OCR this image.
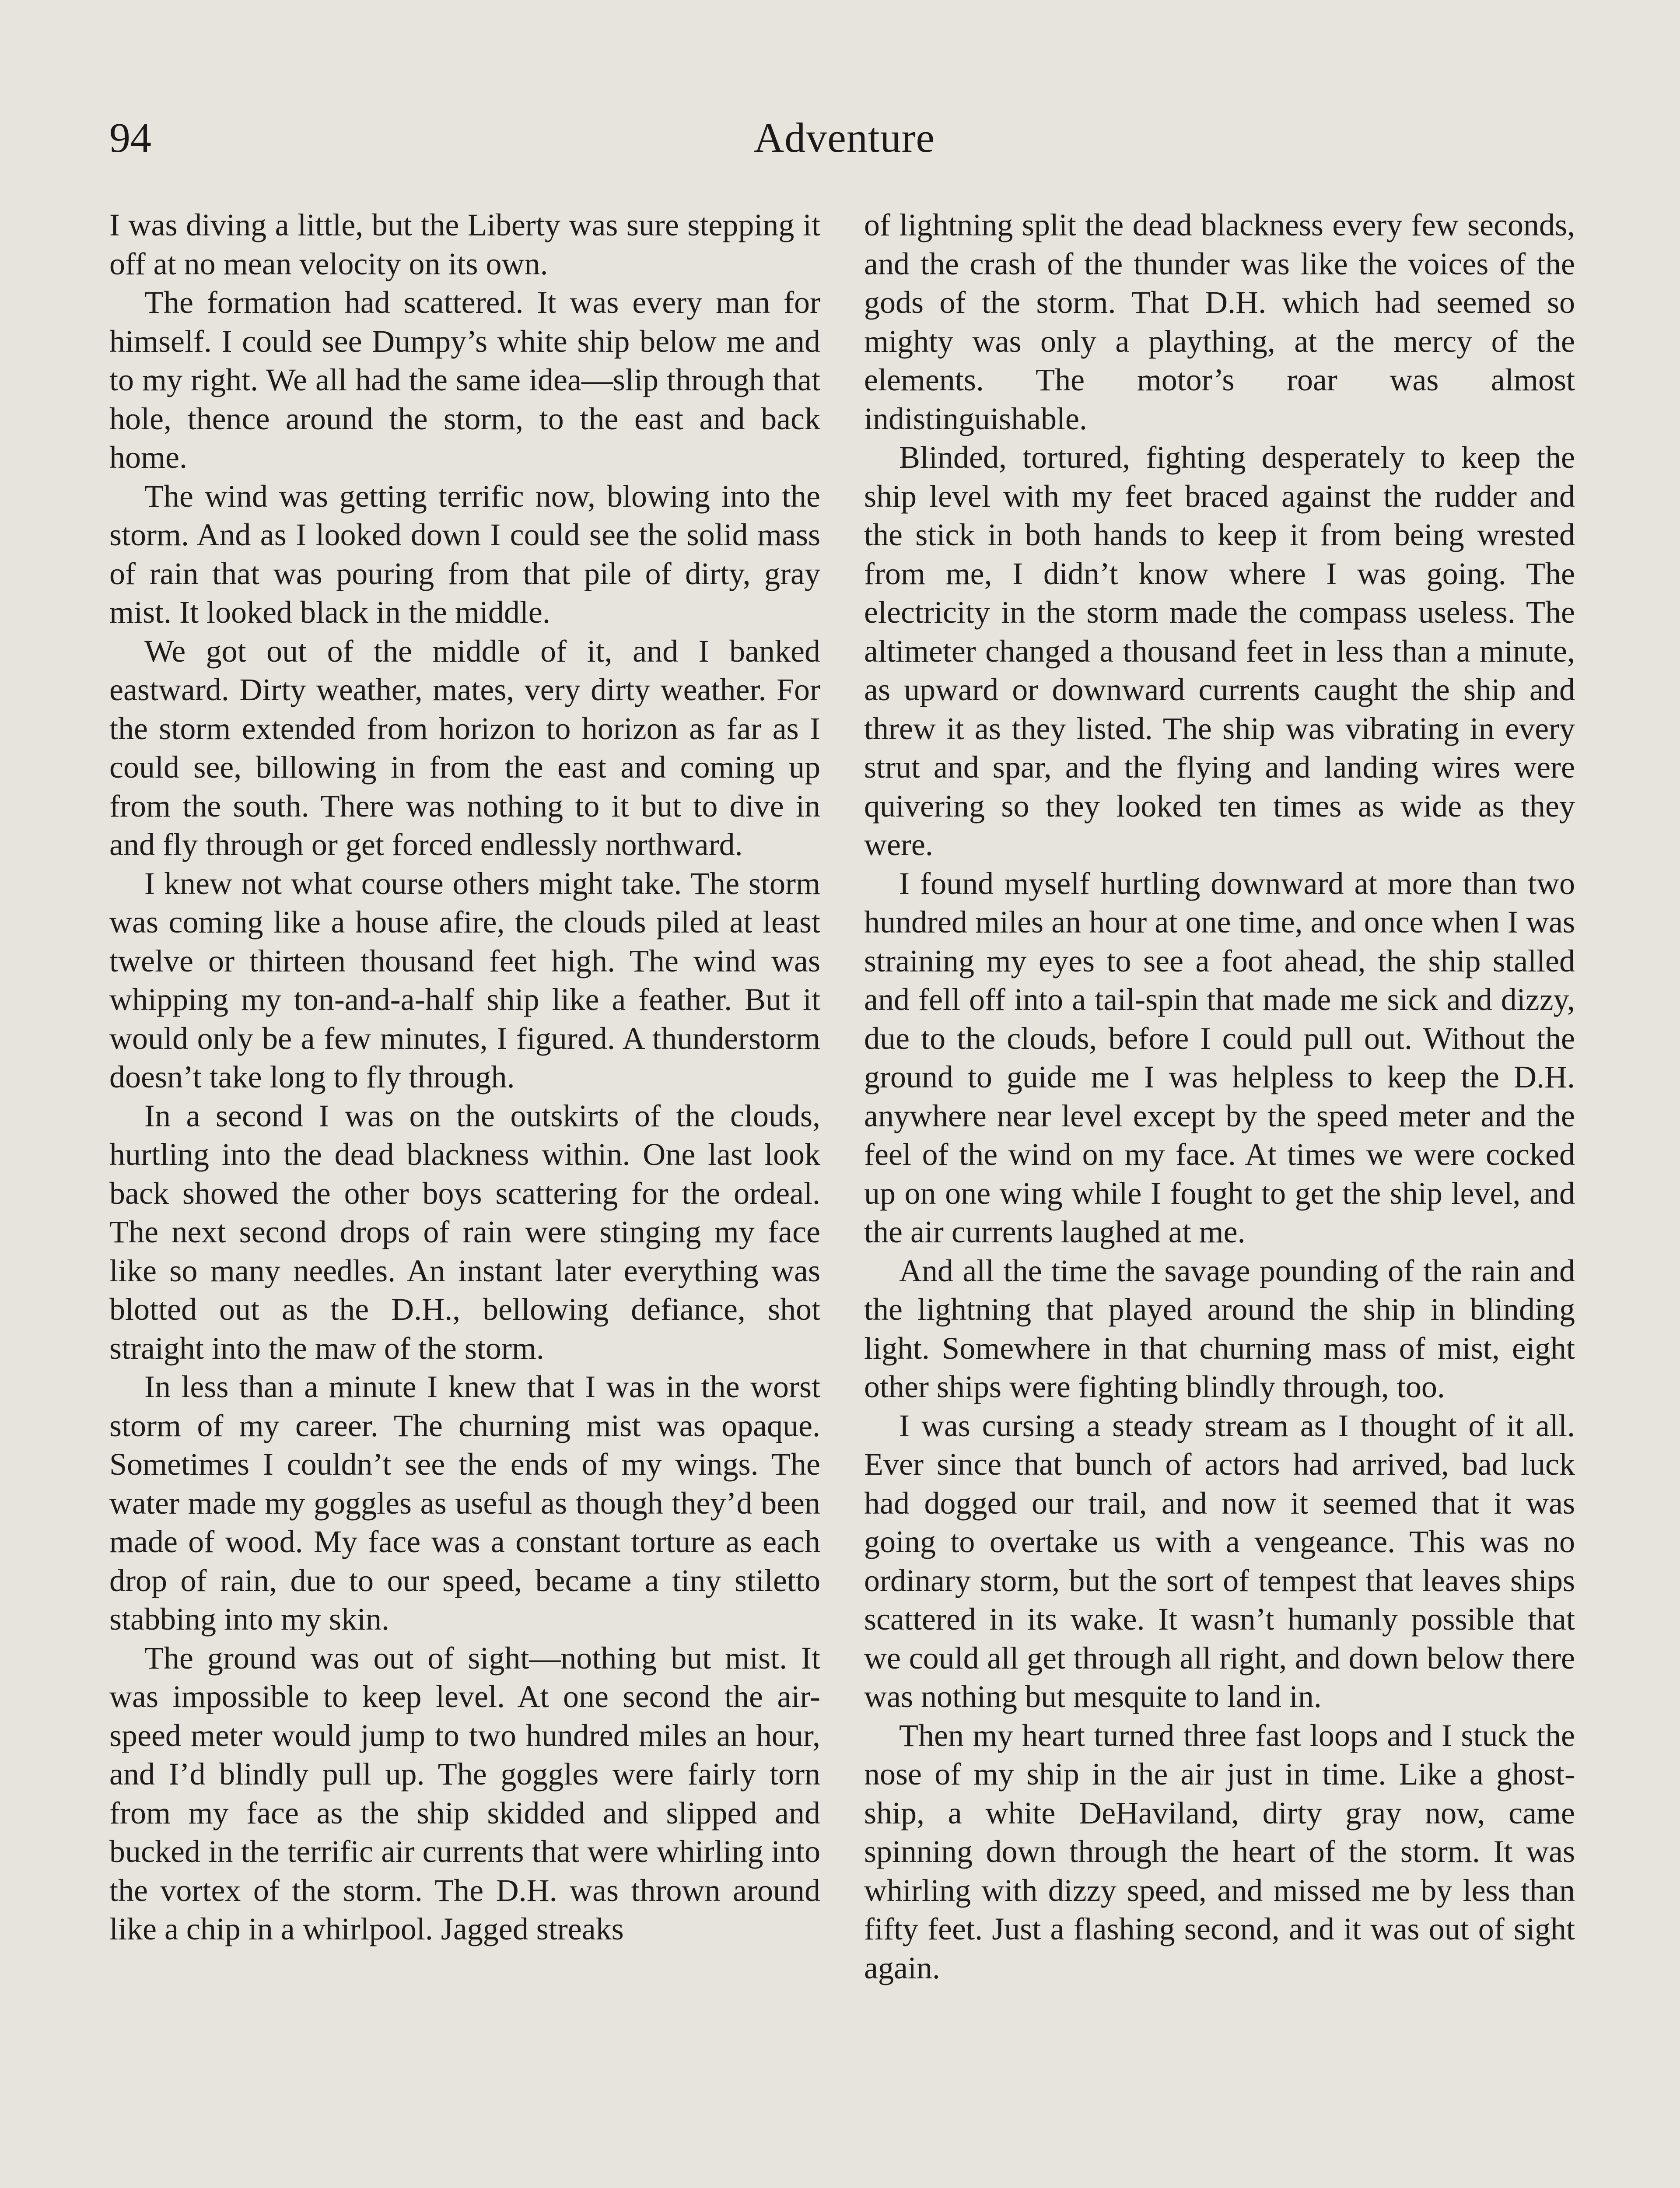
94	Adventure

I was diving a little, but the Liberty was sure stepping it off at no mean velocity on its own.

The formation had scattered. It was every man for himself. I could see Dumpy’s white ship below me and to my right. We all had the same idea—slip through that hole, thence around the storm, to the east and back home.

The wind was getting terrific now, blowing into the storm. And as I looked down I could see the solid mass of rain that was pouring from that pile of dirty, gray mist. It looked black in the middle.

We got out of the middle of it, and I banked eastward. Dirty weather, mates, very dirty weather. For the storm extended from horizon to horizon as far as I could see, billowing in from the east and coming up from the south. There was nothing to it but to dive in and fly through or get forced endlessly northward.

I knew not what course others might take. The storm was coming like a house afire, the clouds piled at least twelve or thirteen thousand feet high. The wind was whipping my ton-and-a-half ship like a feather. But it would only be a few minutes, I figured. A thunderstorm doesn’t take long to fly through.

In a second I was on the outskirts of the clouds, hurtling into the dead blackness within. One last look back showed the other boys scattering for the ordeal. The next second drops of rain were stinging my face like so many needles. An instant later everything was blotted out as the D.H., bellowing defiance, shot straight into the maw of the storm.

In less than a minute I knew that I was in the worst storm of my career. The churning mist was opaque. Sometimes I couldn’t see the ends of my wings. The water made my goggles as useful as though they’d been made of wood. My face was a constant torture as each drop of rain, due to our speed, became a tiny stiletto stabbing into my skin.

The ground was out of sight—nothing but mist. It was impossible to keep level. At one second the air-speed meter would jump to two hundred miles an hour, and I’d blindly pull up. The goggles were fairly torn from my face as the ship skidded and slipped and bucked in the terrific air currents that were whirling into the vortex of the storm. The D.H. was thrown around like a chip in a whirlpool. Jagged streaks

of lightning split the dead blackness every few seconds, and the crash of the thunder was like the voices of the gods of the storm. That D.H. which had seemed so mighty was only a plaything, at the mercy of the elements. The motor’s roar was almost indistinguishable.

Blinded, tortured, fighting desperately to keep the ship level with my feet braced against the rudder and the stick in both hands to keep it from being wrested from me, I didn’t know where I was going. The electricity in the storm made the compass useless. The altimeter changed a thousand feet in less than a minute, as upward or downward currents caught the ship and threw it as they listed. The ship was vibrating in every strut and spar, and the flying and landing wires were quivering so they looked ten times as wide as they were.

I found myself hurtling downward at more than two hundred miles an hour at one time, and once when I was straining my eyes to see a foot ahead, the ship stalled and fell off into a tail-spin that made me sick and dizzy, due to the clouds, before I could pull out. Without the ground to guide me I was helpless to keep the D.H. anywhere near level except by the speed meter and the feel of the wind on my face. At times we were cocked up on one wing while I fought to get the ship level, and the air currents laughed at me.

And all the time the savage pounding of the rain and the lightning that played around the ship in blinding light. Somewhere in that churning mass of mist, eight other ships were fighting blindly through, too.

I was cursing a steady stream as I thought of it all. Ever since that bunch of actors had arrived, bad luck had dogged our trail, and now it seemed that it was going to overtake us with a vengeance. This was no ordinary storm, but the sort of tempest that leaves ships scattered in its wake. It wasn’t humanly possible that we could all get through all right, and down below there was nothing but mesquite to land in.

Then my heart turned three fast loops and I stuck the nose of my ship in the air just in time. Like a ghost-ship, a white DeHaviland, dirty gray now, came spinning down through the heart of the storm. It was whirling with dizzy speed, and missed me by less than fifty feet. Just a flashing second, and it was out of sight again.
